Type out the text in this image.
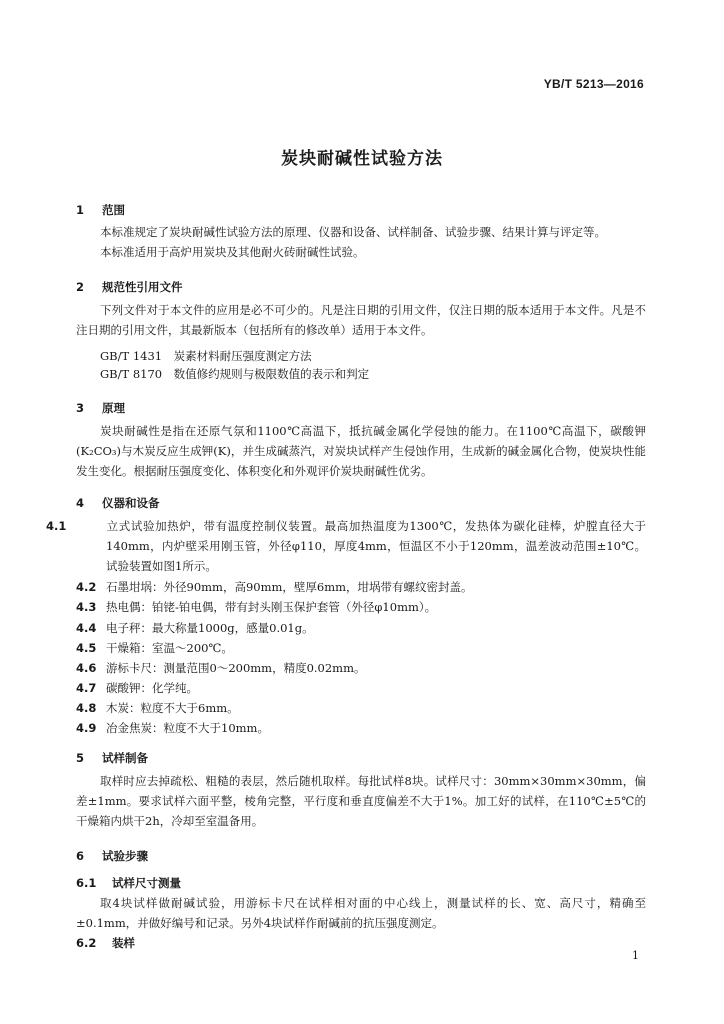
YB/T 5213—2016
炭块耐碱性试验方法
1 范围
本标准规定了炭块耐碱性试验方法的原理、仪器和设备、试样制备、试验步骤、结果计算与评定等。
本标准适用于高炉用炭块及其他耐火砖耐碱性试验。
2 规范性引用文件
下列文件对于本文件的应用是必不可少的。凡是注日期的引用文件，仅注日期的版本适用于本文件。凡是不注日期的引用文件，其最新版本（包括所有的修改单）适用于本文件。
GB/T 1431　炭素材料耐压强度测定方法
GB/T 8170　数值修约规则与极限数值的表示和判定
3 原理
炭块耐碱性是指在还原气氛和1100℃高温下，抵抗碱金属化学侵蚀的能力。在1100℃高温下，碳酸钾(K₂CO₃)与木炭反应生成钾(K)，并生成碱蒸汽，对炭块试样产生侵蚀作用，生成新的碱金属化合物，使炭块性能发生变化。根据耐压强度变化、体积变化和外观评价炭块耐碱性优劣。
4 仪器和设备
4.1	立式试验加热炉，带有温度控制仪装置。最高加热温度为1300℃，发热体为碳化硅棒，炉膛直径大于140mm，内炉壁采用刚玉管，外径φ110，厚度4mm，恒温区不小于120mm，温差波动范围±10℃。试验装置如图1所示。
4.2 石墨坩埚：外径90mm，高90mm，壁厚6mm，坩埚带有螺纹密封盖。
4.3 热电偶：铂铑-铂电偶，带有封头刚玉保护套管（外径φ10mm）。
4.4 电子秤：最大称量1000g，感量0.01g。
4.5 干燥箱：室温～200℃。
4.6 游标卡尺：测量范围0～200mm，精度0.02mm。
4.7 碳酸钾：化学纯。
4.8 木炭：粒度不大于6mm。
4.9 冶金焦炭：粒度不大于10mm。
5 试样制备
取样时应去掉疏松、粗糙的表层，然后随机取样。每批试样8块。试样尺寸：30mm×30mm×30mm，偏差±1mm。要求试样六面平整，棱角完整，平行度和垂直度偏差不大于1%。加工好的试样，在110℃±5℃的干燥箱内烘干2h，冷却至室温备用。
6 试验步骤
6.1 试样尺寸测量
取4块试样做耐碱试验，用游标卡尺在试样相对面的中心线上，测量试样的长、宽、高尺寸，精确至±0.1mm，并做好编号和记录。另外4块试样作耐碱前的抗压强度测定。
6.2 装样
1
